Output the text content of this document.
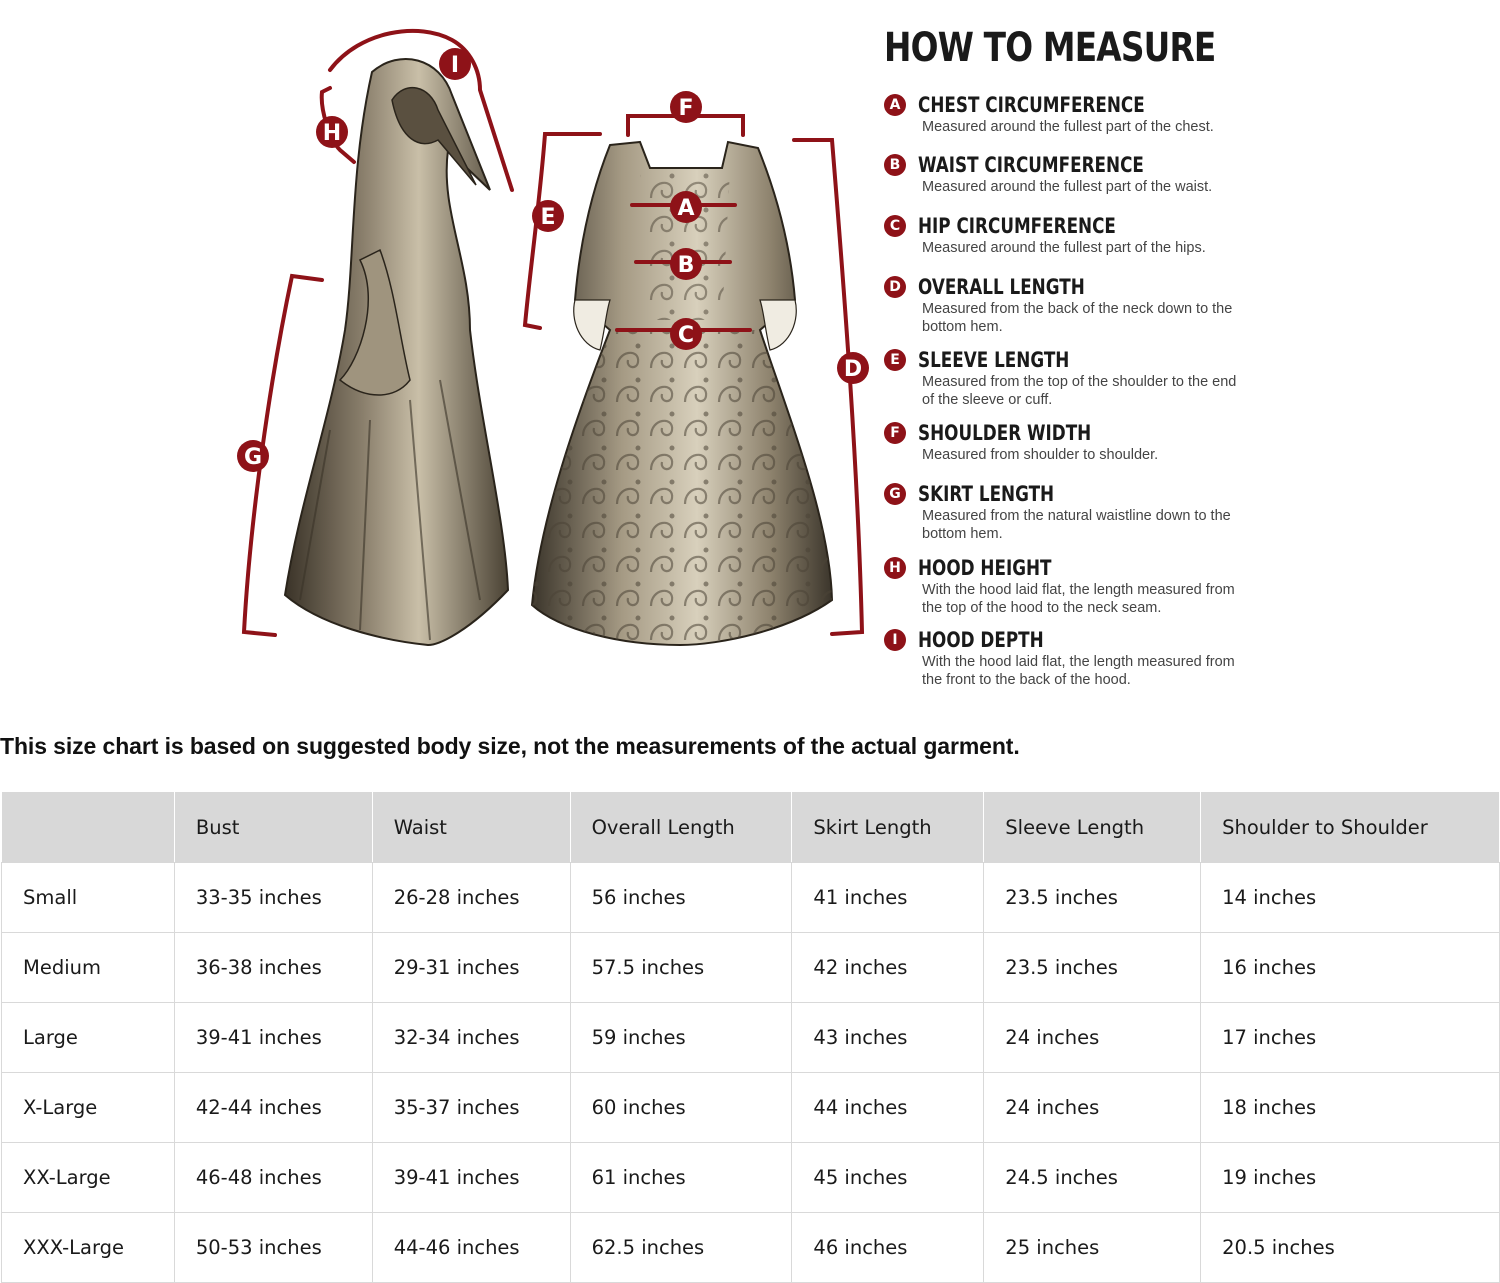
I
H
G
E
F
A
B
C
D
HOW TO MEASURE
A CHEST CIRCUMFERENCE
Measured around the fullest part of the chest.
B WAIST CIRCUMFERENCE
Measured around the fullest part of the waist.
C HIP CIRCUMFERENCE
Measured around the fullest part of the hips.
D OVERALL LENGTH
Measured from the back of the neck down to the bottom hem.
E SLEEVE LENGTH
Measured from the top of the shoulder to the end of the sleeve or cuff.
F SHOULDER WIDTH
Measured from shoulder to shoulder.
G SKIRT LENGTH
Measured from the natural waistline down to the bottom hem.
H HOOD HEIGHT
With the hood laid flat, the length measured from the top of the hood to the neck seam.
I HOOD DEPTH
With the hood laid flat, the length measured from the front to the back of the hood.
This size chart is based on suggested body size, not the measurements of the actual garment.
	Bust	Waist	Overall Length	Skirt Length	Sleeve Length	Shoulder to Shoulder
Small	33-35 inches	26-28 inches	56 inches	41 inches	23.5 inches	14 inches
Medium	36-38 inches	29-31 inches	57.5 inches	42 inches	23.5 inches	16 inches
Large	39-41 inches	32-34 inches	59 inches	43 inches	24 inches	17 inches
X-Large	42-44 inches	35-37 inches	60 inches	44 inches	24 inches	18 inches
XX-Large	46-48 inches	39-41 inches	61 inches	45 inches	24.5 inches	19 inches
XXX-Large	50-53 inches	44-46 inches	62.5 inches	46 inches	25 inches	20.5 inches
